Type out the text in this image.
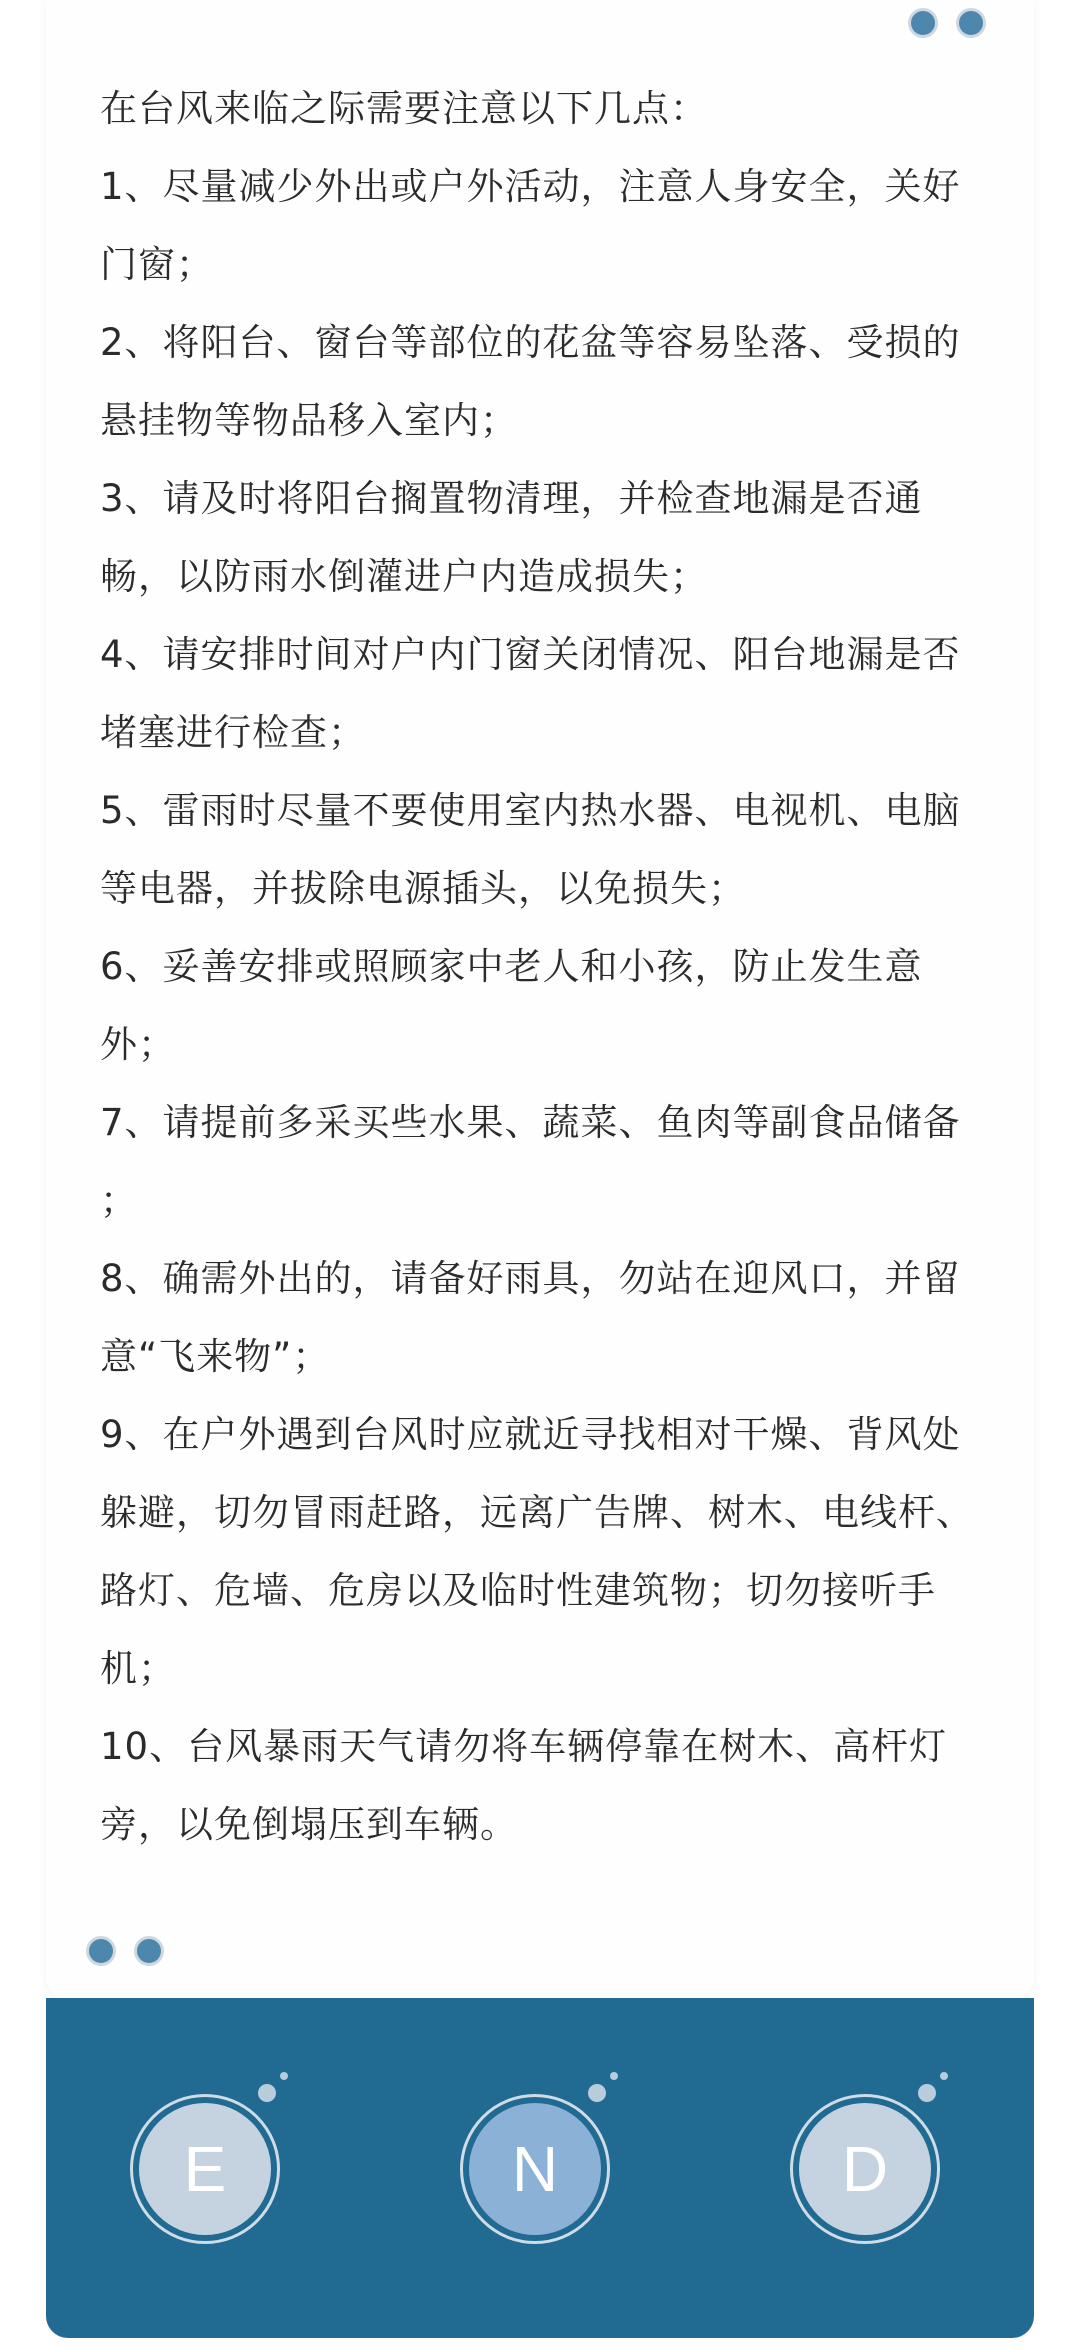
在台风来临之际需要注意以下几点：

1、尽量减少外出或户外活动，注意人身安全，关好门窗；

2、将阳台、窗台等部位的花盆等容易坠落、受损的悬挂物等物品移入室内；

3、请及时将阳台搁置物清理，并检查地漏是否通畅，以防雨水倒灌进户内造成损失；

4、请安排时间对户内门窗关闭情况、阳台地漏是否堵塞进行检查；

5、雷雨时尽量不要使用室内热水器、电视机、电脑等电器，并拔除电源插头，以免损失；

6、妥善安排或照顾家中老人和小孩，防止发生意外；

7、请提前多采买些水果、蔬菜、鱼肉等副食品储备 ；

8、确需外出的，请备好雨具，勿站在迎风口，并留意“飞来物”；

9、在户外遇到台风时应就近寻找相对干燥、背风处躲避，切勿冒雨赶路，远离广告牌、树木、电线杆、路灯、危墙、危房以及临时性建筑物；切勿接听手机；

10、台风暴雨天气请勿将车辆停靠在树木、高杆灯旁，以免倒塌压到车辆。

E	N	D
